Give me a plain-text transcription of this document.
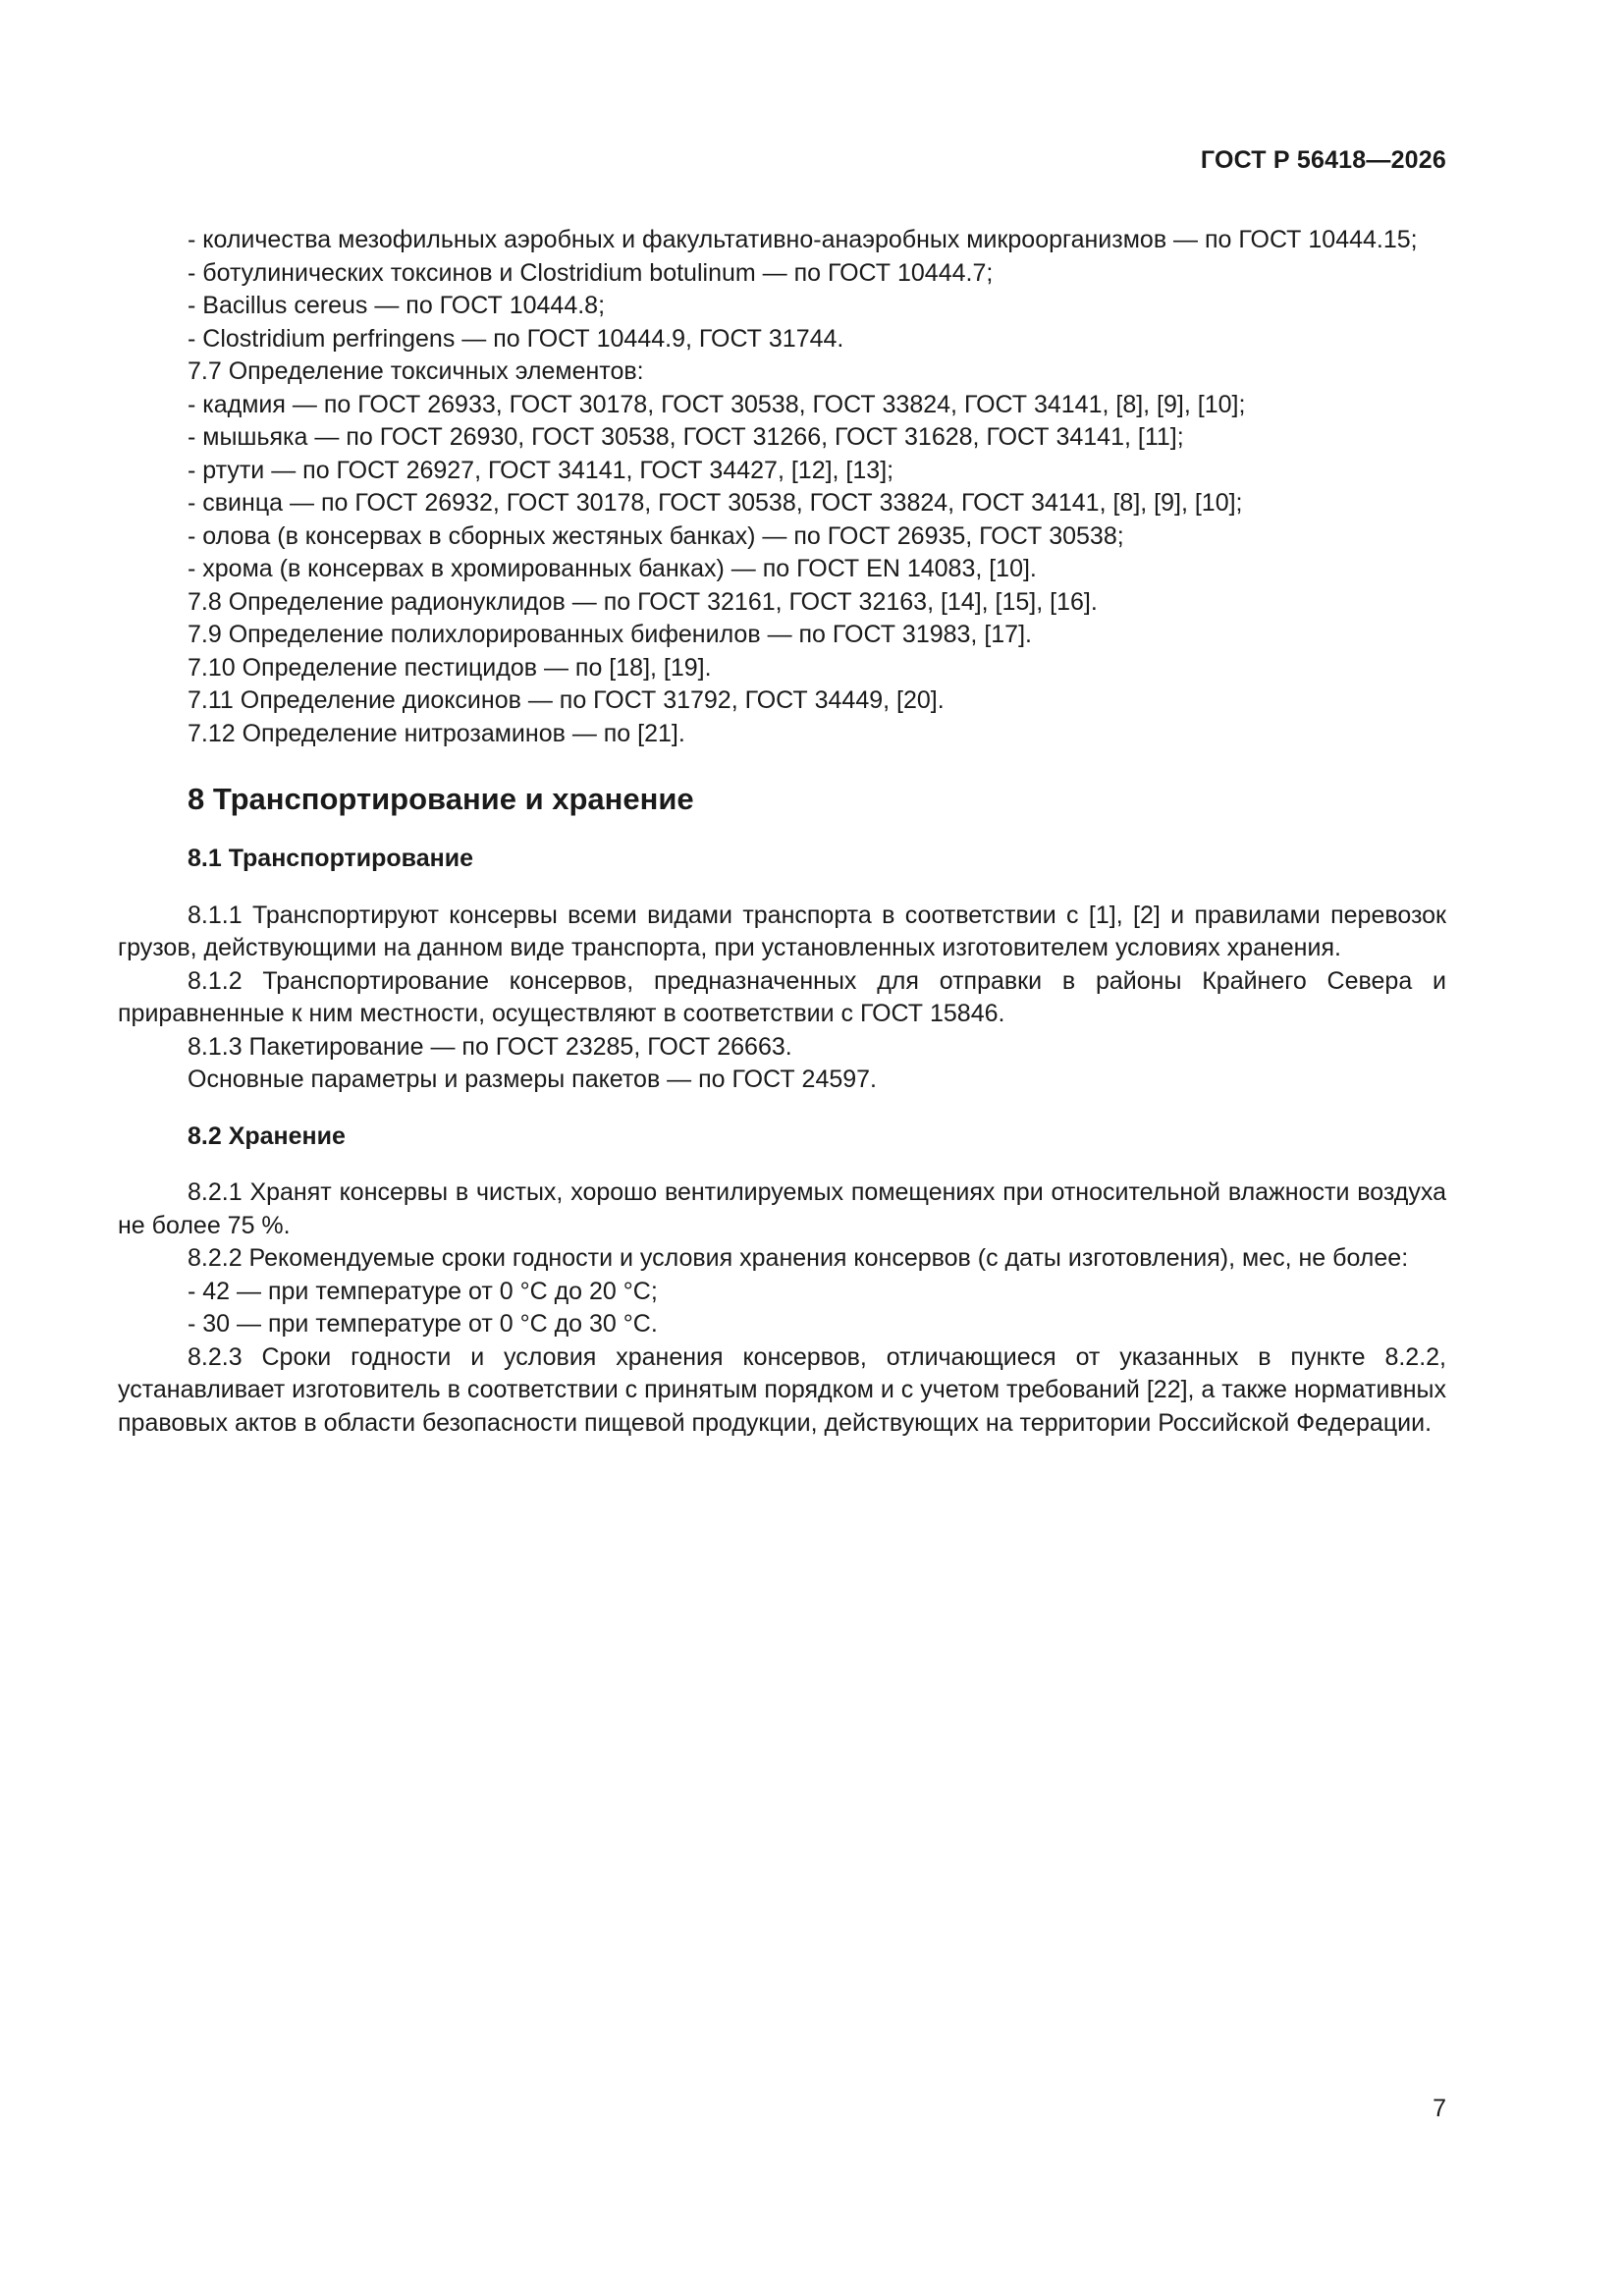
ГОСТ Р 56418—2026

- количества мезофильных аэробных и факультативно-анаэробных микроорганизмов — по ГОСТ 10444.15;

- ботулинических токсинов и Clostridium botulinum — по ГОСТ 10444.7;

- Bacillus cereus — по ГОСТ 10444.8;

- Clostridium perfringens — по ГОСТ 10444.9, ГОСТ 31744.

7.7 Определение токсичных элементов:

- кадмия — по ГОСТ 26933, ГОСТ 30178, ГОСТ 30538, ГОСТ 33824, ГОСТ 34141, [8], [9], [10];

- мышьяка — по ГОСТ 26930, ГОСТ 30538, ГОСТ 31266, ГОСТ 31628, ГОСТ 34141, [11];

- ртути — по ГОСТ 26927, ГОСТ 34141, ГОСТ 34427, [12], [13];

- свинца — по ГОСТ 26932, ГОСТ 30178, ГОСТ 30538, ГОСТ 33824, ГОСТ 34141, [8], [9], [10];

- олова (в консервах в сборных жестяных банках) — по ГОСТ 26935, ГОСТ 30538;

- хрома (в консервах в хромированных банках) — по ГОСТ EN 14083, [10].

7.8 Определение радионуклидов — по ГОСТ 32161, ГОСТ 32163, [14], [15], [16].

7.9 Определение полихлорированных бифенилов — по ГОСТ 31983, [17].

7.10 Определение пестицидов — по [18], [19].

7.11 Определение диоксинов — по ГОСТ 31792, ГОСТ 34449, [20].

7.12 Определение нитрозаминов — по [21].

8 Транспортирование и хранение
8.1 Транспортирование

8.1.1 Транспортируют консервы всеми видами транспорта в соответствии с [1], [2] и правилами перевозок грузов, действующими на данном виде транспорта, при установленных изготовителем условиях хранения.

8.1.2 Транспортирование консервов, предназначенных для отправки в районы Крайнего Севера и приравненные к ним местности, осуществляют в соответствии с ГОСТ 15846.

8.1.3 Пакетирование — по ГОСТ 23285, ГОСТ 26663.

Основные параметры и размеры пакетов — по ГОСТ 24597.

8.2 Хранение

8.2.1 Хранят консервы в чистых, хорошо вентилируемых помещениях при относительной влажности воздуха не более 75 %.

8.2.2 Рекомендуемые сроки годности и условия хранения консервов (с даты изготовления), мес, не более:

- 42 — при температуре от 0 °С до 20 °С;

- 30 — при температуре от 0 °С до 30 °С.

8.2.3 Сроки годности и условия хранения консервов, отличающиеся от указанных в пункте 8.2.2, устанавливает изготовитель в соответствии с принятым порядком и с учетом требований [22], а также нормативных правовых актов в области безопасности пищевой продукции, действующих на территории Российской Федерации.

7
